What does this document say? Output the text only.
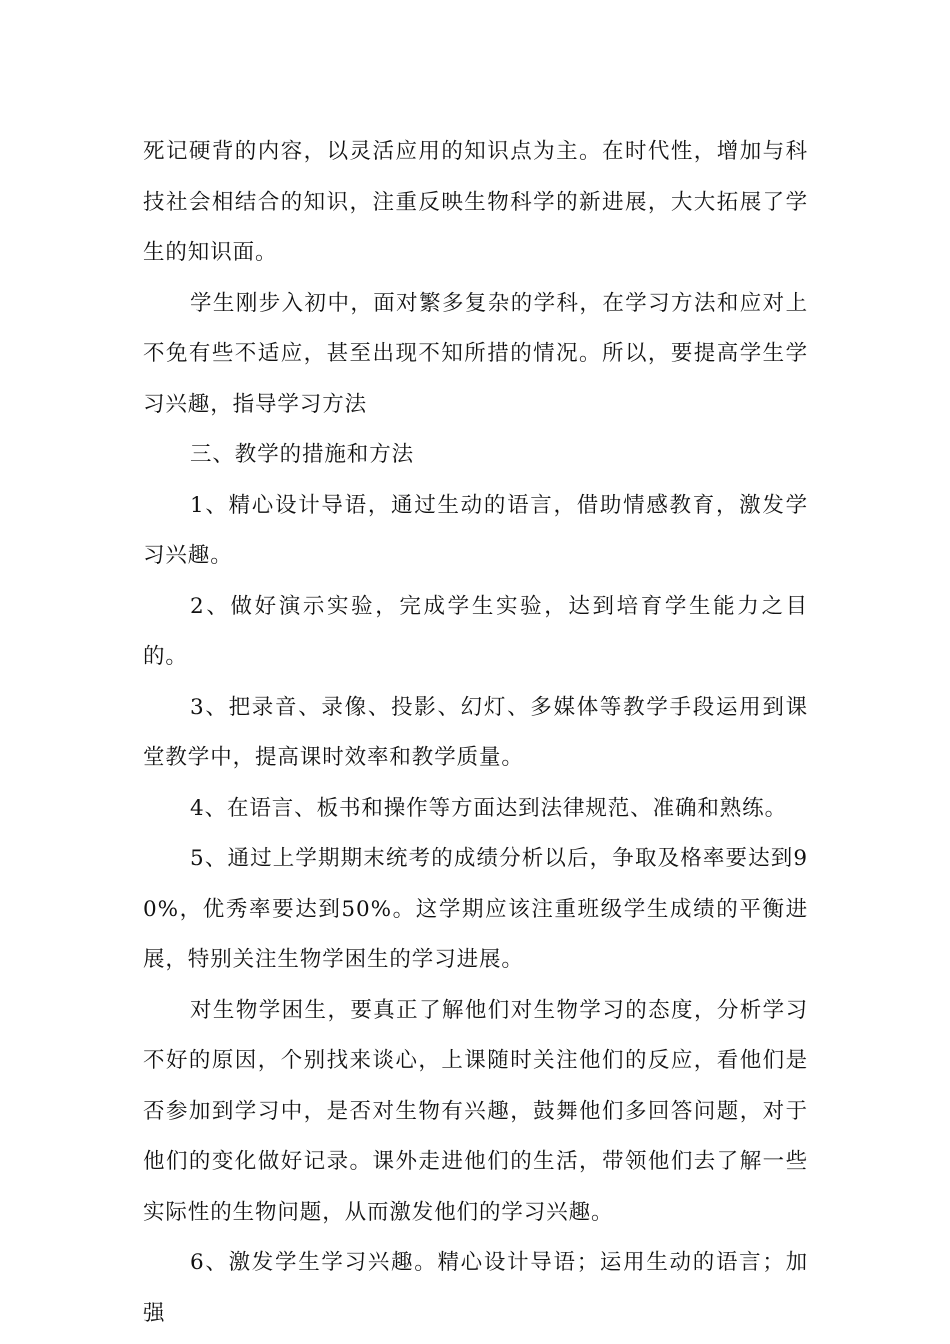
死记硬背的内容，以灵活应用的知识点为主。在时代性，增加与科技社会相结合的知识，注重反映生物科学的新进展，大大拓展了学生的知识面。

学生刚步入初中，面对繁多复杂的学科，在学习方法和应对上不免有些不适应，甚至出现不知所措的情况。所以，要提高学生学习兴趣，指导学习方法

三、教学的措施和方法

1、精心设计导语，通过生动的语言，借助情感教育，激发学习兴趣。

2、做好演示实验，完成学生实验，达到培育学生能力之目的。

3、把录音、录像、投影、幻灯、多媒体等教学手段运用到课堂教学中，提高课时效率和教学质量。

4、在语言、板书和操作等方面达到法律规范、准确和熟练。

5、通过上学期期末统考的成绩分析以后，争取及格率要达到90%，优秀率要达到50%。这学期应该注重班级学生成绩的平衡进展，特别关注生物学困生的学习进展。

对生物学困生，要真正了解他们对生物学习的态度，分析学习不好的原因，个别找来谈心，上课随时关注他们的反应，看他们是否参加到学习中，是否对生物有兴趣，鼓舞他们多回答问题，对于他们的变化做好记录。课外走进他们的生活，带领他们去了解一些实际性的生物问题，从而激发他们的学习兴趣。

6、激发学生学习兴趣。精心设计导语；运用生动的语言；加强
